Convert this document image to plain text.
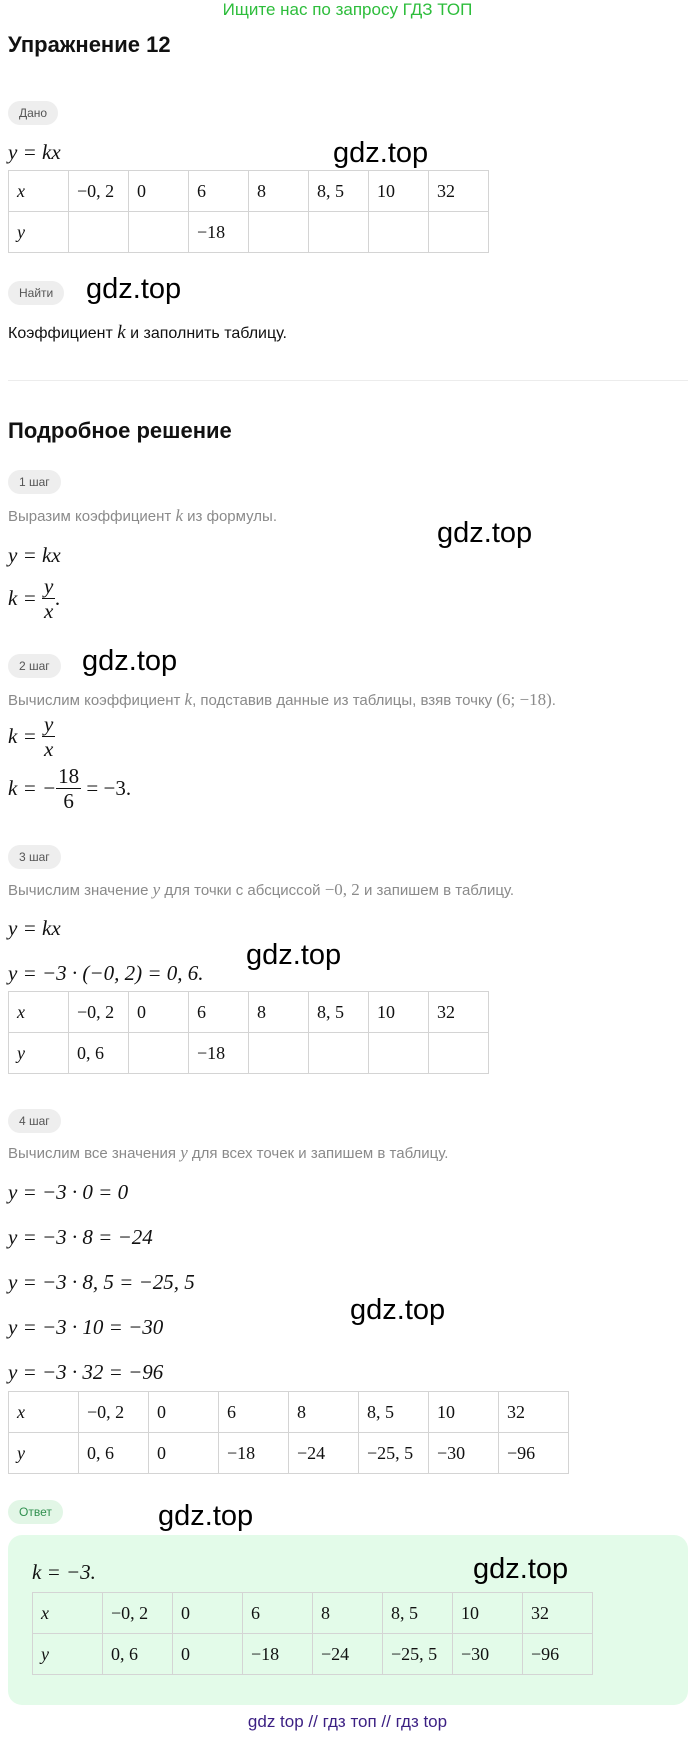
Ищите нас по запросу ГДЗ ТОП
Упражнение 12
Дано
y = kx	gdz.top
x	−0, 2	0	6	8	8, 5	10	32
y			−18				
Найти	gdz.top
Коэффициент k и заполнить таблицу.
Подробное решение
1 шаг
Выразим коэффициент k из формулы.
gdz.top
y = kx
$k = \frac{y}{x}$ .
2 шаг	gdz.top
Вычислим коэффициент k, подставив данные из таблицы, взяв точку (6; −18).
$k = \frac{y}{x}$
k = − $\frac{18}{6} = -3$.
3 шаг
Вычислим значение y для точки с абсциссой −0, 2 и запишем в таблицу.
y = kx
y = −3 · (−0, 2) = 0, 6.
gdz.top
x	−0, 2	0	6	8	8, 5	10	32
y	0, 6		−18				
4 шаг
Вычислим все значения y для всех точек и запишем в таблицу.
y = −3 · 0 = 0
y = −3 · 8 = −24
y = −3 · 8, 5 = −25, 5
y = −3 · 10 = −30
y = −3 · 32 = −96
gdz.top
x	−0, 2	0	6	8	8, 5	10	32
y	0, 6	0	−18	−24	−25, 5	−30	−96
Ответ	gdz.top
k = −3.	gdz.top
x	−0, 2	0	6	8	8, 5	10	32
y	0, 6	0	−18	−24	−25, 5	−30	−96
gdz top // гдз топ // гдз top
